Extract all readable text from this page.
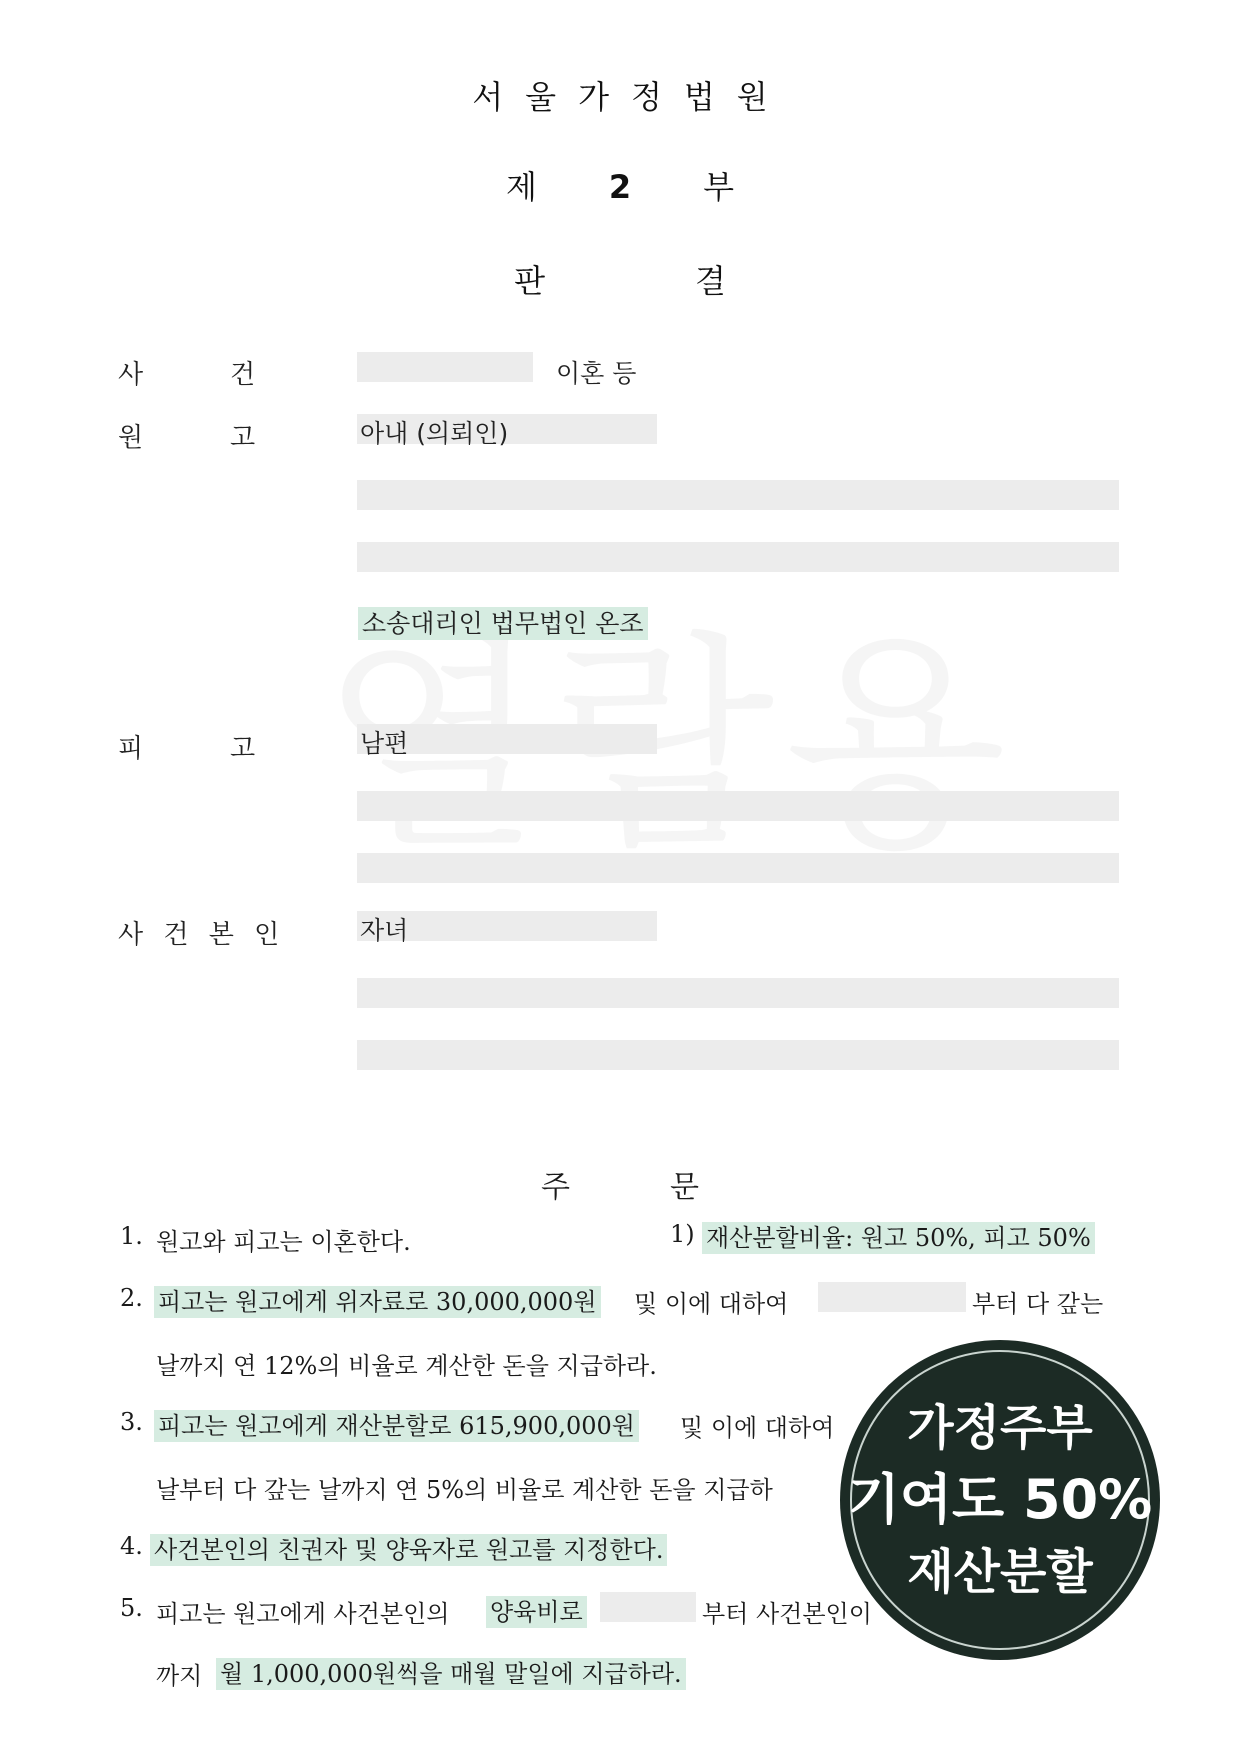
서울가정법원
제 2 부
판	결
사	건	이혼 등
원	고	아내 (의뢰인)
소송대리인 법무법인 온조
피	고	남편
사 건 본 인	자녀
주	문
1. 원고와 피고는 이혼한다.	1) 재산분할비율: 원고 50%, 피고 50%
2. 피고는 원고에게 위자료로 30,000,000원 및 이에 대하여	부터 다 갚는
날까지 연 12%의 비율로 계산한 돈을 지급하라.
3. 피고는 원고에게 재산분할로 615,900,000원 및 이에 대하여
날부터 다 갚는 날까지 연 5%의 비율로 계산한 돈을 지급하
4. 사건본인의 친권자 및 양육자로 원고를 지정한다.
5. 피고는 원고에게 사건본인의 양육비로	부터 사건본인이
까지 월 1,000,000원씩을 매월 말일에 지급하라.
가정주부
기여도 50%
재산분할
